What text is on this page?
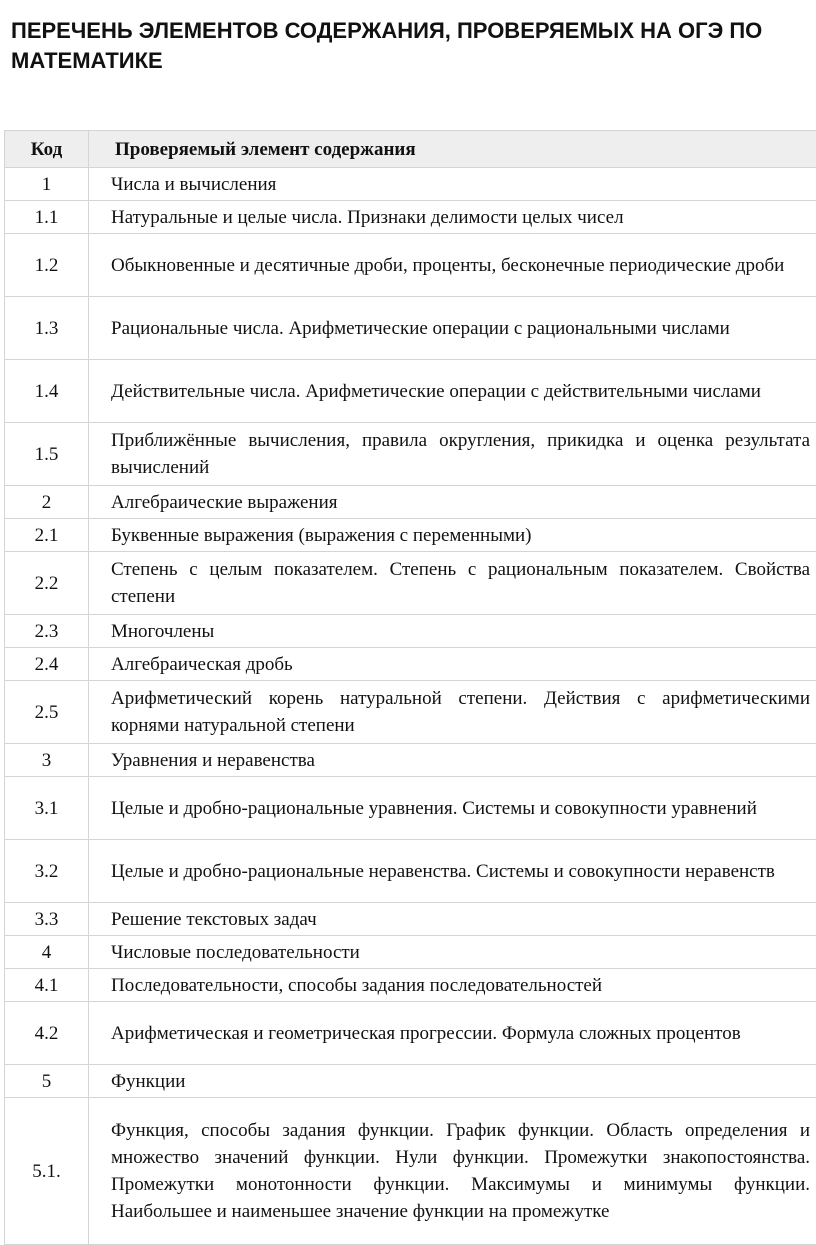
ПЕРЕЧЕНЬ ЭЛЕМЕНТОВ СОДЕРЖАНИЯ, ПРОВЕРЯЕМЫХ НА ОГЭ ПО МАТЕМАТИКЕ
Код	Проверяемый элемент содержания
1	Числа и вычисления
1.1	Натуральные и целые числа. Признаки делимости целых чисел
1.2	Обыкновенные и десятичные дроби, проценты, бесконечные периодические дроби
1.3	Рациональные числа. Арифметические операции с рациональными числами
1.4	Действительные числа. Арифметические операции с действительными числами
1.5	Приближённые вычисления, правила округления, прикидка и оценка результата вычислений
2	Алгебраические выражения
2.1	Буквенные выражения (выражения с переменными)
2.2	Степень с целым показателем. Степень с рациональным показателем. Свойства степени
2.3	Многочлены
2.4	Алгебраическая дробь
2.5	Арифметический корень натуральной степени. Действия с арифметическими корнями натуральной степени
3	Уравнения и неравенства
3.1	Целые и дробно-рациональные уравнения. Системы и совокупности уравнений
3.2	Целые и дробно-рациональные неравенства. Системы и совокупности неравенств
3.3	Решение текстовых задач
4	Числовые последовательности
4.1	Последовательности, способы задания последовательностей
4.2	Арифметическая и геометрическая прогрессии. Формула сложных процентов
5	Функции
5.1.	Функция, способы задания функции. График функции. Область определения и множество значений функции. Нули функции. Промежутки знакопостоянства. Промежутки монотонности функции. Максимумы и минимумы функции. Наибольшее и наименьшее значение функции на промежутке
